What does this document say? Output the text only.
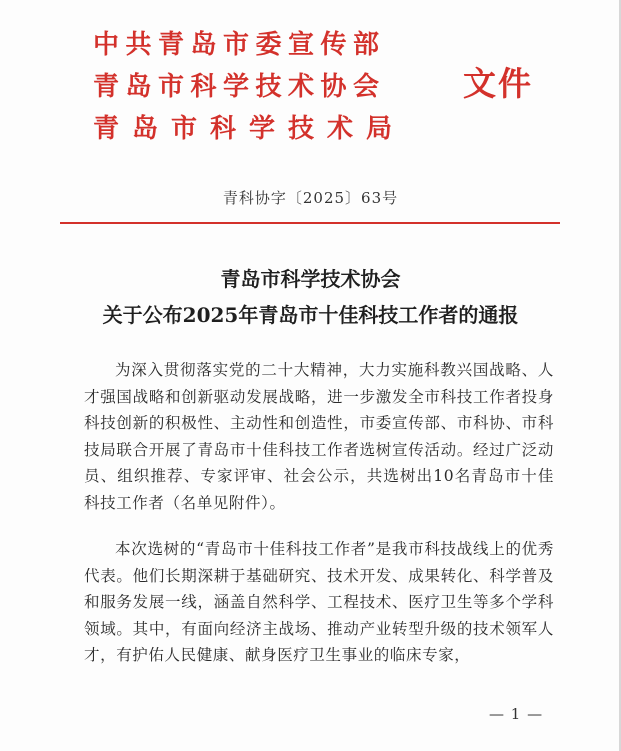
中共青岛市委宣传部
青岛市科学技术协会
青岛市科学技术局
文件
青科协字〔2025〕63号
青岛市科学技术协会
关于公布2025年青岛市十佳科技工作者的通报
为深入贯彻落实党的二十大精神，大力实施科教兴国战略、人才强国战略和创新驱动发展战略，进一步激发全市科技工作者投身科技创新的积极性、主动性和创造性，市委宣传部、市科协、市科技局联合开展了青岛市十佳科技工作者选树宣传活动。经过广泛动员、组织推荐、专家评审、社会公示，共选树出10名青岛市十佳科技工作者（名单见附件）。
本次选树的“青岛市十佳科技工作者”是我市科技战线上的优秀代表。他们长期深耕于基础研究、技术开发、成果转化、科学普及和服务发展一线，涵盖自然科学、工程技术、医疗卫生等多个学科领域。其中，有面向经济主战场、推动产业转型升级的技术领军人才，有护佑人民健康、献身医疗卫生事业的临床专家，
— 1 —
